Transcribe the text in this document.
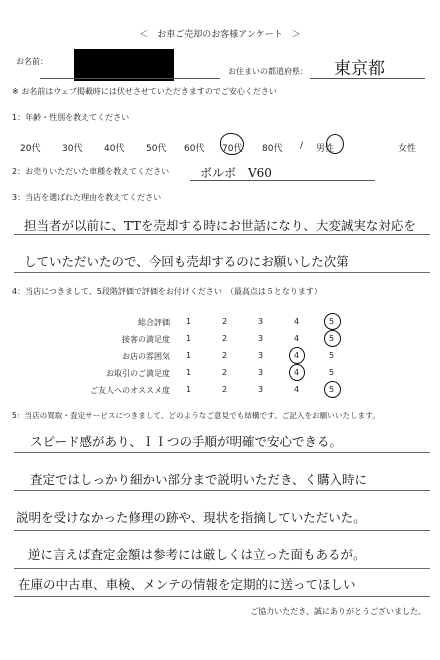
＜　お車ご売却のお客様アンケート　＞
お名前：
お住まいの都道府県： 東京都
※ お名前はウェブ掲載時には伏せさせていただきますのでご安心ください
1：年齢・性別を教えてください
20代 30代 40代 50代 60代 70代 80代 / 男性	女性
2：お売りいただいた車種を教えてください	ボルボ　V60
3：当店を選ばれた理由を教えてください
担当者が以前に、TTを売却する時にお世話になり、大変誠実な対応を
していただいたので、今回も売却するのにお願いした次第
4：当店につきまして、5段階評価で評価をお付けください　（最高点は５となります）
総合評価 1	2	3	4	5
接客の満足度 1	2	3	4	5
お店の雰囲気 1	2	3	4	5
お取引のご満足度 1	2	3	4	5
ご友人へのオススメ度 1	2	3	4	5
5：当店の買取・査定サービスにつきまして、どのようなご意見でも結構です、ご記入をお願いいたします。
スピード感があり、ＩＩつの手順が明確で安心できる。
査定ではしっかり細かい部分まで説明いただき、く購入時に
説明を受けなかった修理の跡や、現状を指摘していただいた。
逆に言えば査定金額は参考には厳しくは立った面もあるが。
在庫の中古車、車検、メンテの情報を定期的に送ってほしい
ご協力いただき、誠にありがとうございました。
